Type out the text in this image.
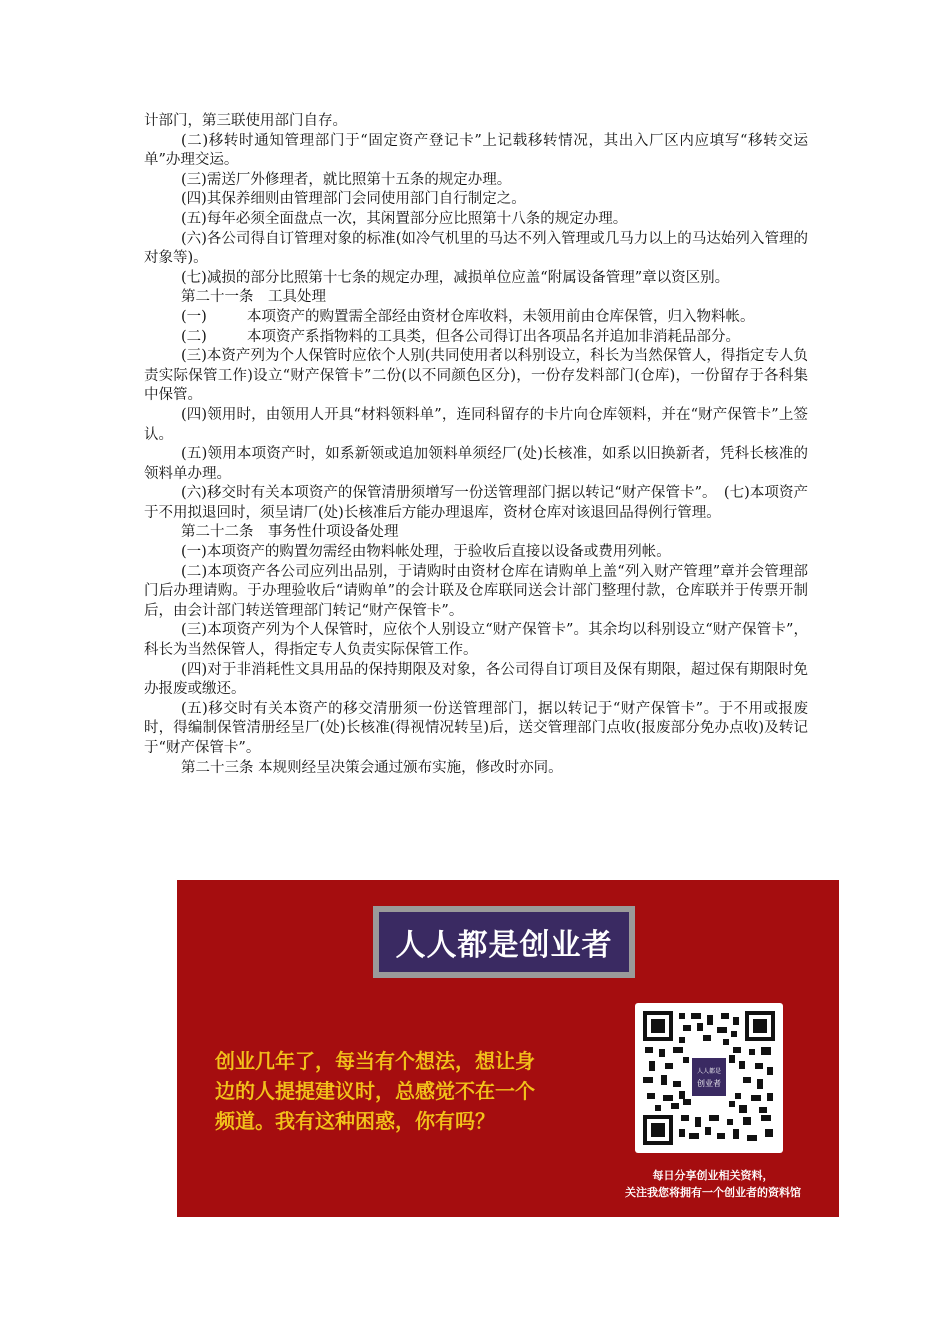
计部门，第三联使用部门自存。

(二)移转时通知管理部门于“固定资产登记卡”上记载移转情况，其出入厂区内应填写“移转交运单”办理交运。

(三)需送厂外修理者，就比照第十五条的规定办理。

(四)其保养细则由管理部门会同使用部门自行制定之。

(五)每年必须全面盘点一次，其闲置部分应比照第十八条的规定办理。

(六)各公司得自订管理对象的标准(如冷气机里的马达不列入管理或几马力以上的马达始列入管理的对象等)。

(七)减损的部分比照第十七条的规定办理，减损单位应盖“附属设备管理”章以资区别。

第二十一条　工具处理

(一)	本项资产的购置需全部经由资材仓库收料，未领用前由仓库保管，归入物料帐。
(二)	本项资产系指物料的工具类，但各公司得订出各项品名并追加非消耗品部分。

(三)本资产列为个人保管时应依个人别(共同使用者以科别设立，科长为当然保管人，得指定专人负责实际保管工作)设立“财产保管卡”二份(以不同颜色区分)，一份存发料部门(仓库)，一份留存于各科集中保管。

(四)领用时，由领用人开具“材料领料单”，连同科留存的卡片向仓库领料，并在“财产保管卡”上签认。

(五)领用本项资产时，如系新领或追加领料单须经厂(处)长核准，如系以旧换新者，凭科长核准的领料单办理。

(六)移交时有关本项资产的保管清册须增写一份送管理部门据以转记“财产保管卡”。　(七)本项资产于不用拟退回时，须呈请厂(处)长核准后方能办理退库，资材仓库对该退回品得例行管理。

第二十二条　事务性什项设备处理

(一)本项资产的购置勿需经由物料帐处理，于验收后直接以设备或费用列帐。

(二)本项资产各公司应列出品别，于请购时由资材仓库在请购单上盖“列入财产管理”章并会管理部门后办理请购。于办理验收后“请购单”的会计联及仓库联同送会计部门整理付款，仓库联并于传票开制后，由会计部门转送管理部门转记“财产保管卡”。

(三)本项资产列为个人保管时，应依个人别设立“财产保管卡”。其余均以科别设立“财产保管卡”，科长为当然保管人，得指定专人负责实际保管工作。

(四)对于非消耗性文具用品的保持期限及对象，各公司得自订项目及保有期限，超过保有期限时免办报废或缴还。

(五)移交时有关本资产的移交清册须一份送管理部门，据以转记于“财产保管卡”。于不用或报废时，得编制保管清册经呈厂(处)长核准(得视情况转呈)后，送交管理部门点收(报废部分免办点收)及转记于“财产保管卡”。

第二十三条 本规则经呈决策会通过颁布实施，修改时亦同。

人人都是创业者
创业几年了，每当有个想法，想让身边的人提提建议时，总感觉不在一个频道。我有这种困惑，你有吗？
人人都是
创业者
每日分享创业相关资料，
关注我您将拥有一个创业者的资料馆
